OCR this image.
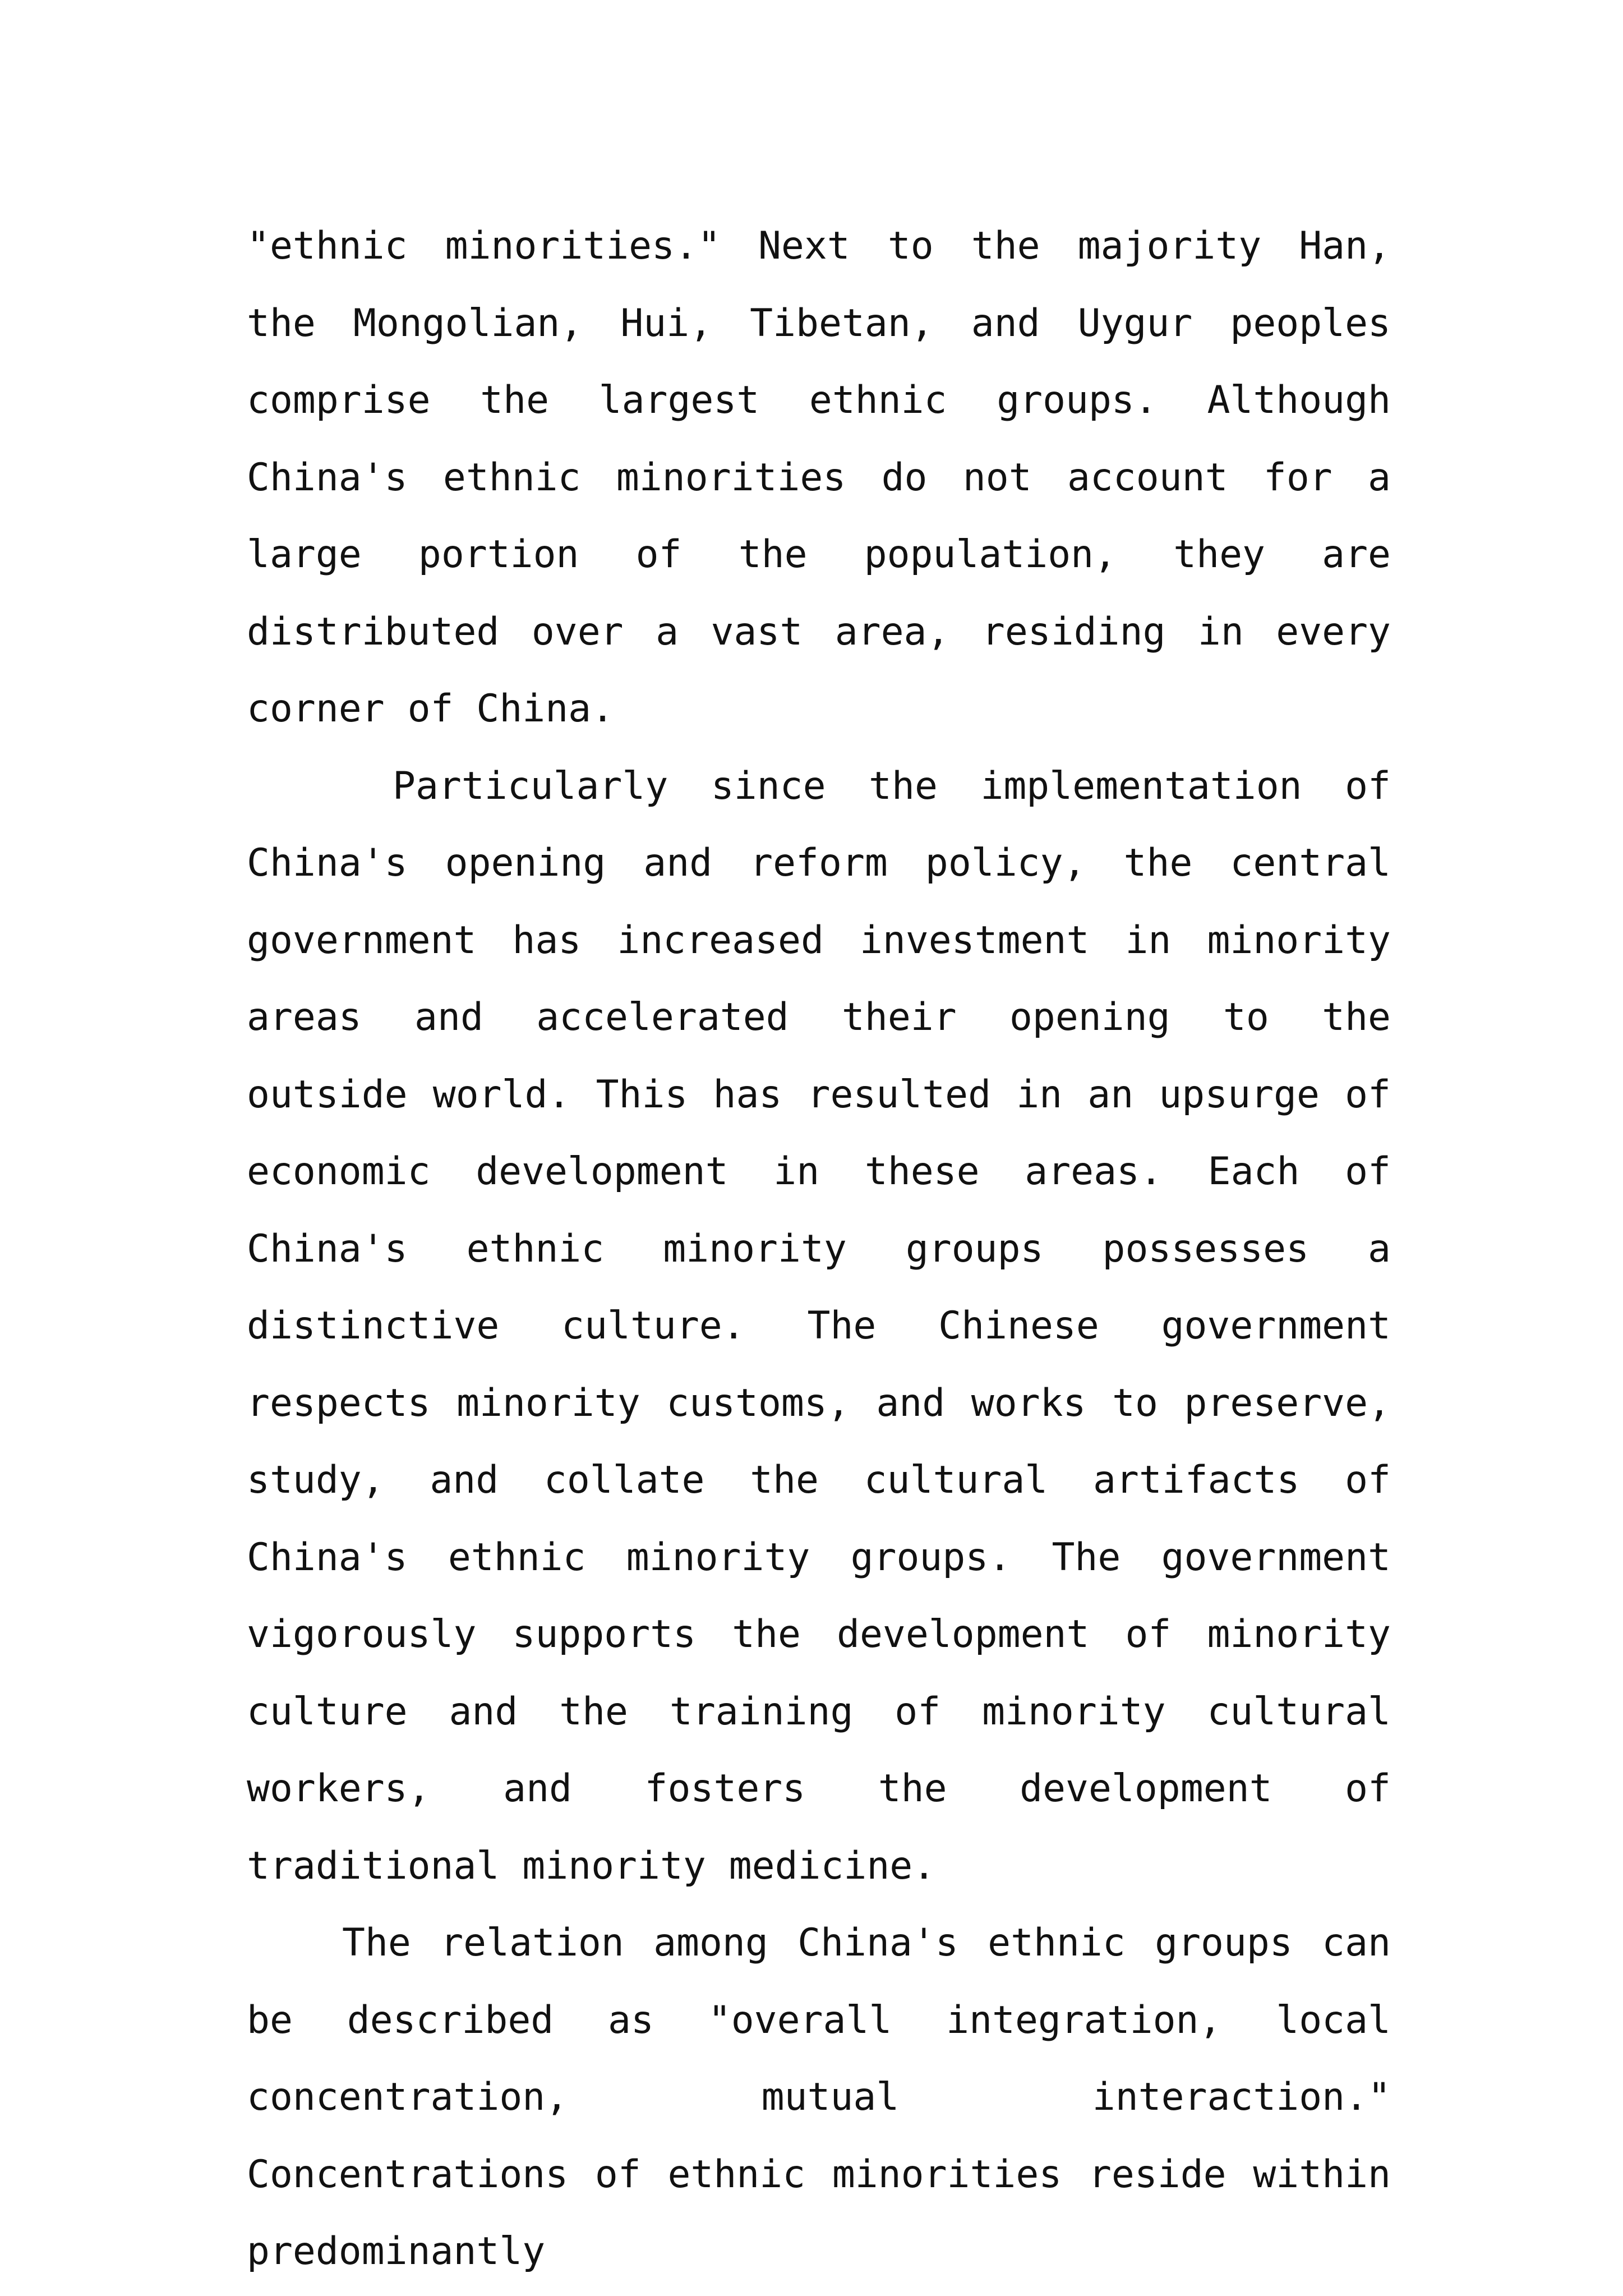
"ethnic minorities." Next to the majority Han, the Mongolian, Hui, Tibetan, and Uygur peoples comprise the largest ethnic groups. Although China's ethnic minorities do not account for a large portion of the population, they are distributed over a vast area, residing in every corner of China.

Particularly since the implementation of China's opening and reform policy, the central government has increased investment in minority areas and accelerated their opening to the outside world. This has resulted in an upsurge of economic development in these areas. Each of China's ethnic minority groups possesses a distinctive culture. The Chinese government respects minority customs, and works to preserve, study, and collate the cultural artifacts of China's ethnic minority groups. The government vigorously supports the development of minority culture and the training of minority cultural workers, and fosters the development of traditional minority medicine.

The relation among China's ethnic groups can be described as "overall integration, local concentration, mutual interaction." Concentrations of ethnic minorities reside within predominantly
